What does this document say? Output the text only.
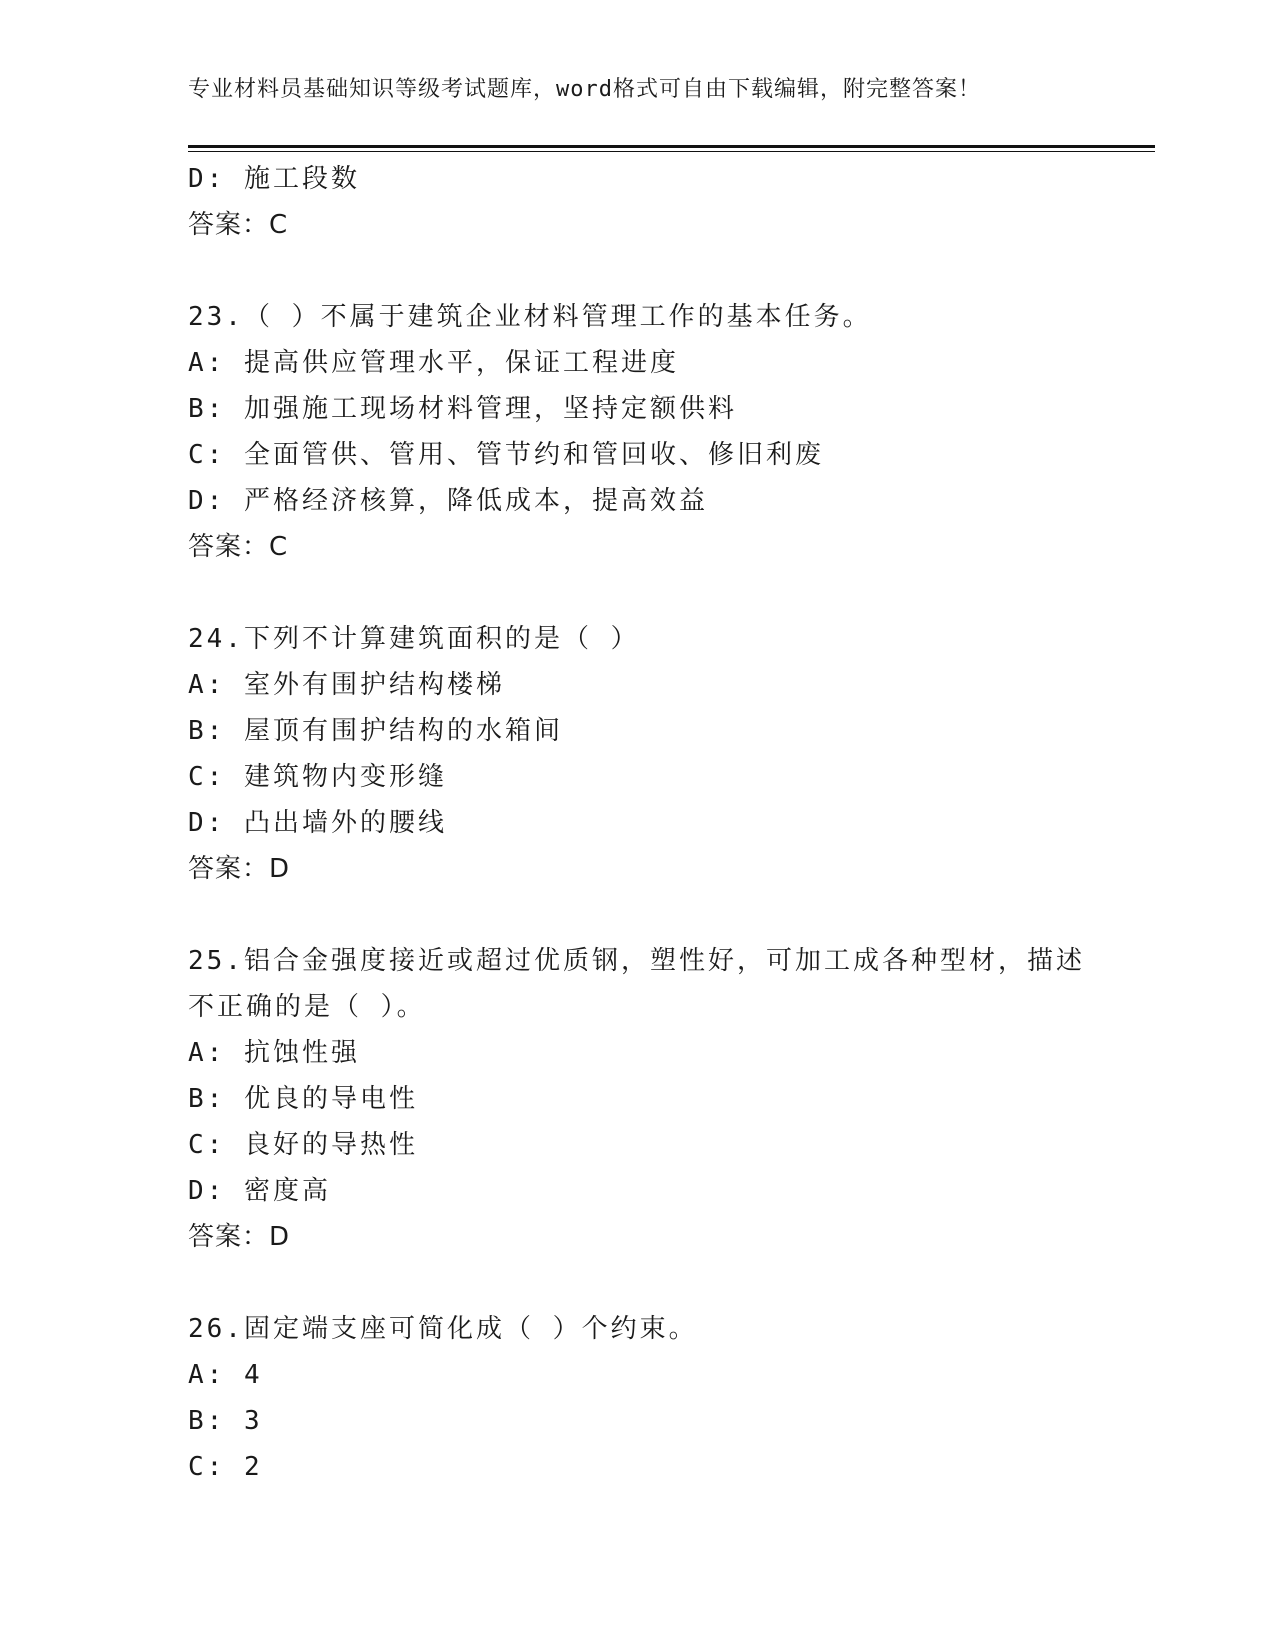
专业材料员基础知识等级考试题库，word格式可自由下载编辑，附完整答案！
D: 施工段数
答案：C
23.（ ）不属于建筑企业材料管理工作的基本任务。
A: 提高供应管理水平，保证工程进度
B: 加强施工现场材料管理，坚持定额供料
C: 全面管供、管用、管节约和管回收、修旧利废
D: 严格经济核算，降低成本，提高效益
答案：C
24.下列不计算建筑面积的是（ ）
A: 室外有围护结构楼梯
B: 屋顶有围护结构的水箱间
C: 建筑物内变形缝
D: 凸出墙外的腰线
答案：D
25.铝合金强度接近或超过优质钢，塑性好，可加工成各种型材，描述
不正确的是（ ）。
A: 抗蚀性强
B: 优良的导电性
C: 良好的导热性
D: 密度高
答案：D
26.固定端支座可简化成（ ）个约束。
A: 4
B: 3
C: 2
